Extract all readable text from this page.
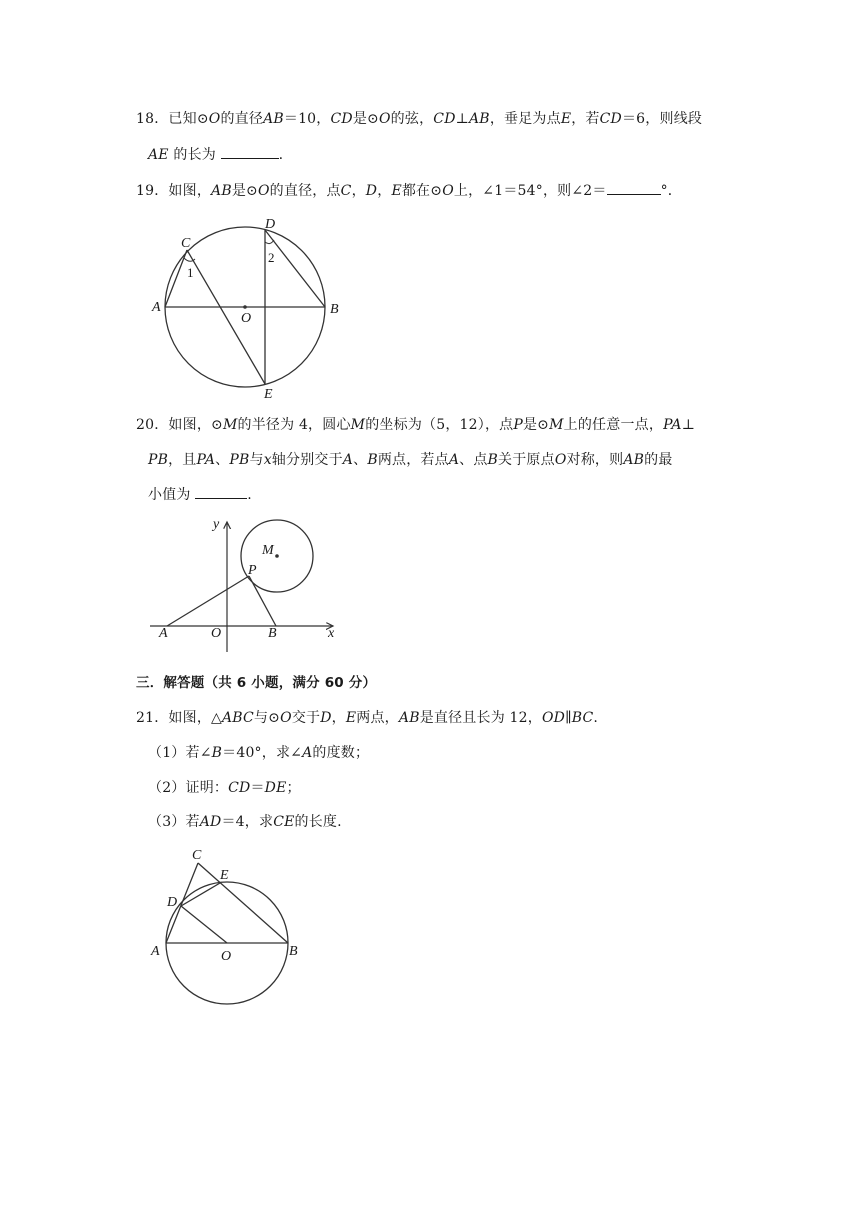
18．已知⊙O的直径AB＝10，CD是⊙O的弦，CD⊥AB，垂足为点E，若CD＝6，则线段
AE 的长为	.
19．如图，AB是⊙O的直径，点C，D，E都在⊙O上，∠1＝54°，则∠2＝	°．
C
D
A
O
B
E
1
2
20．如图，⊙M的半径为 4，圆心M的坐标为（5，12），点P是⊙M上的任意一点，PA⊥
PB，且PA、PB与x轴分别交于A、B两点，若点A、点B关于原点O对称，则AB的最
小值为	.
y
M
P
A	O	B	x
三．解答题（共 6 小题，满分 60 分）
21．如图，△ABC与⊙O交于D，E两点，AB是直径且长为 12，OD∥BC.
（1）若∠B＝40°，求∠A的度数；
（2）证明：CD＝DE；
（3）若AD＝4，求CE的长度.
C
E
D
A	O	B
